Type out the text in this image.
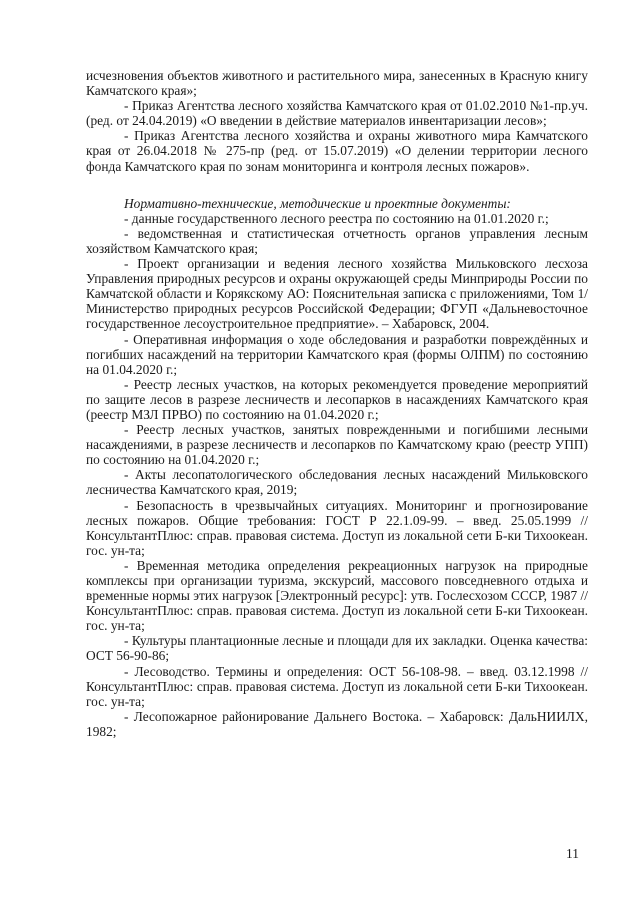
исчезновения объектов животного и растительного мира, занесенных в Красную книгу Камчатского края»;

- Приказ Агентства лесного хозяйства Камчатского края от 01.02.2010 №1-пр.уч. (ред. от 24.04.2019) «О введении в действие материалов инвентаризации лесов»;

- Приказ Агентства лесного хозяйства и охраны животного мира Камчатского края от 26.04.2018 № 275-пр (ред. от 15.07.2019) «О делении территории лесного фонда Камчатского края по зонам мониторинга и контроля лесных пожаров».

Нормативно-технические, методические и проектные документы:

- данные государственного лесного реестра по состоянию на 01.01.2020 г.;

- ведомственная и статистическая отчетность органов управления лесным хозяйством Камчатского края;

- Проект организации и ведения лесного хозяйства Мильковского лесхоза Управления природных ресурсов и охраны окружающей среды Минприроды России по Камчатской области и Корякскому АО: Пояснительная записка с приложениями, Том 1/Министерство природных ресурсов Российской Федерации; ФГУП «Дальневосточное государственное лесоустроительное предприятие». – Хабаровск, 2004.

- Оперативная информация о ходе обследования и разработки повреждённых и погибших насаждений на территории Камчатского края (формы ОЛПМ) по состоянию на 01.04.2020 г.;

- Реестр лесных участков, на которых рекомендуется проведение мероприятий по защите лесов в разрезе лесничеств и лесопарков в насаждениях Камчатского края (реестр МЗЛ ПРВО) по состоянию на 01.04.2020 г.;

- Реестр лесных участков, занятых поврежденными и погибшими лесными насаждениями, в разрезе лесничеств и лесопарков по Камчатскому краю (реестр УПП) по состоянию на 01.04.2020 г.;

- Акты лесопатологического обследования лесных насаждений Мильковского лесничества Камчатского края, 2019;

- Безопасность в чрезвычайных ситуациях. Мониторинг и прогнозирование лесных пожаров. Общие требования: ГОСТ Р 22.1.09-99. – введ. 25.05.1999 // КонсультантПлюс: справ. правовая система. Доступ из локальной сети Б-ки Тихоокеан. гос. ун-та;

- Временная методика определения рекреационных нагрузок на природные комплексы при организации туризма, экскурсий, массового повседневного отдыха и временные нормы этих нагрузок [Электронный ресурс]: утв. Гослесхозом СССР, 1987 // КонсультантПлюс: справ. правовая система. Доступ из локальной сети Б-ки Тихоокеан. гос. ун-та;

- Культуры плантационные лесные и площади для их закладки. Оценка качества: ОСТ 56-90-86;

- Лесоводство. Термины и определения: ОСТ 56-108-98. – введ. 03.12.1998 // КонсультантПлюс: справ. правовая система. Доступ из локальной сети Б-ки Тихоокеан. гос. ун-та;

- Лесопожарное районирование Дальнего Востока. – Хабаровск: ДальНИИЛХ, 1982;

11
